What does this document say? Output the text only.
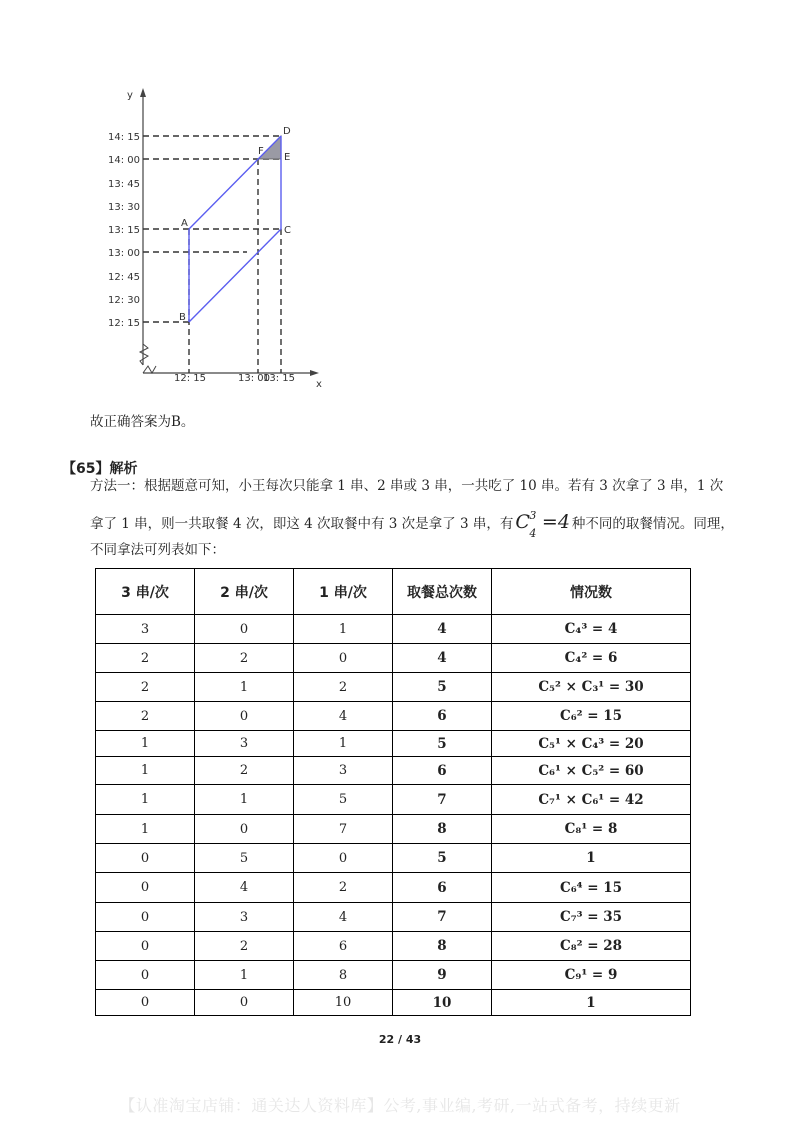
y
x
14: 15
14: 00
13: 45
13: 30
13: 15
13: 00
12: 45
12: 30
12: 15
12: 15	13: 00
13: 15
A
B
C
D
E
F
故正确答案为B。
【65】解析
方法一：根据题意可知，小王每次只能拿 1 串、2 串或 3 串，一共吃了 10 串。若有 3 次拿了 3 串，1 次
拿了 1 串，则一共取餐 4 次，即这 4 次取餐中有 3 次是拿了 3 串，有 C 3
4
=4 种不同的取餐情况。同理，
不同拿法可列表如下：
3 串/次	2 串/次	1 串/次	取餐总次数	情况数
3	0	1	4	C₄³ = 4
2	2	0	4	C₄² = 6
2	1	2	5	C₅² × C₃¹ = 30
2	0	4	6	C₆² = 15
1	3	1	5	C₅¹ × C₄³ = 20
1	2	3	6	C₆¹ × C₅² = 60
1	1	5	7	C₇¹ × C₆¹ = 42
1	0	7	8	C₈¹ = 8
0	5	0	5	1
0	4	2	6	C₆⁴ = 15
0	3	4	7	C₇³ = 35
0	2	6	8	C₈² = 28
0	1	8	9	C₉¹ = 9
0	0	10	10	1
22 / 43
【认准淘宝店铺：通关达人资料库】公考,事业编,考研,一站式备考，持续更新
